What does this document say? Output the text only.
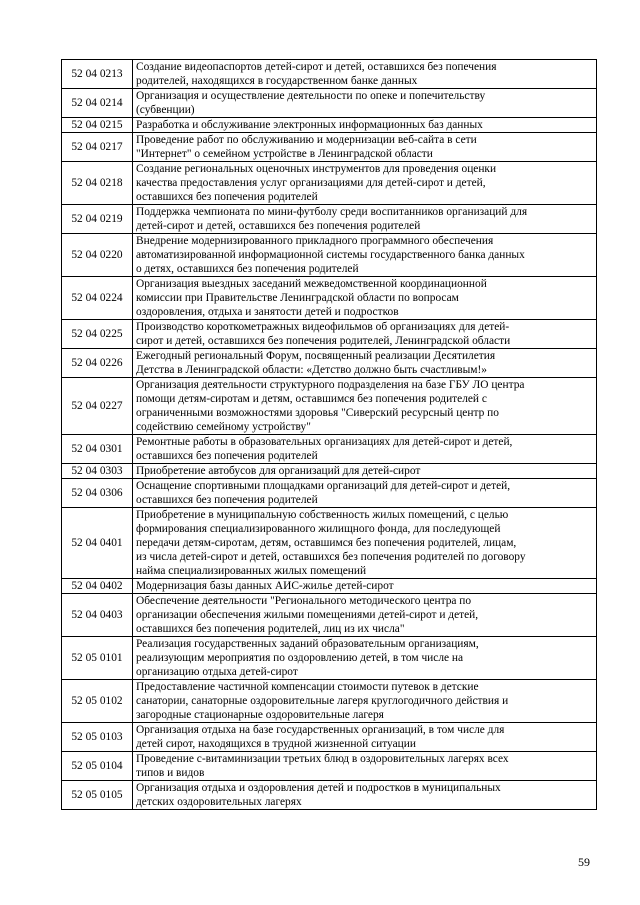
52 04 0213	Создание видеопаспортов детей-сирот и детей, оставшихся без попечения
родителей, находящихся в государственном банке данных

52 04 0214	Организация и осуществление деятельности по опеке и попечительству
(субвенции)

52 04 0215	Разработка и обслуживание электронных информационных баз данных

52 04 0217	Проведение работ по обслуживанию и модернизации веб-сайта в сети
"Интернет" о семейном устройстве в Ленинградской области

52 04 0218	Создание региональных оценочных инструментов для проведения оценки
качества предоставления услуг организациями для детей-сирот и детей,
оставшихся без попечения родителей

52 04 0219	Поддержка чемпионата по мини-футболу среди воспитанников организаций для
детей-сирот и детей, оставшихся без попечения родителей

52 04 0220	Внедрение модернизированного прикладного программного обеспечения
автоматизированной информационной системы государственного банка данных
о детях, оставшихся без попечения родителей

52 04 0224	Организация выездных заседаний межведомственной координационной
комиссии при Правительстве Ленинградской области по вопросам
оздоровления, отдыха и занятости детей и подростков

52 04 0225	Производство короткометражных видеофильмов об организациях для детей-
сирот и детей, оставшихся без попечения родителей, Ленинградской области

52 04 0226	Ежегодный региональный Форум, посвященный реализации Десятилетия
Детства в Ленинградской области: «Детство должно быть счастливым!»

52 04 0227	Организация деятельности структурного подразделения на базе ГБУ ЛО центра
помощи детям-сиротам и детям, оставшимся без попечения родителей с
ограниченными возможностями здоровья "Сиверский ресурсный центр по
содействию семейному устройству"

52 04 0301	Ремонтные работы в образовательных организациях для детей-сирот и детей,
оставшихся без попечения родителей

52 04 0303	Приобретение автобусов для организаций для детей-сирот

52 04 0306	Оснащение спортивными площадками организаций для детей-сирот и детей,
оставшихся без попечения родителей

52 04 0401	Приобретение в муниципальную собственность жилых помещений, с целью
формирования специализированного жилищного фонда, для последующей
передачи детям-сиротам, детям, оставшимся без попечения родителей, лицам,
из числа детей-сирот и детей, оставшихся без попечения родителей по договору
найма специализированных жилых помещений

52 04 0402	Модернизация базы данных АИС-жилье детей-сирот

52 04 0403	Обеспечение деятельности "Регионального методического центра по
организации обеспечения жилыми помещениями детей-сирот и детей,
оставшихся без попечения родителей, лиц из их числа"

52 05 0101	Реализация государственных заданий образовательным организациям,
реализующим мероприятия по оздоровлению детей, в том числе на
организацию отдыха детей-сирот

52 05 0102	Предоставление частичной компенсации стоимости путевок в детские
санатории, санаторные оздоровительные лагеря круглогодичного действия и
загородные стационарные оздоровительные лагеря

52 05 0103	Организация отдыха на базе государственных организаций, в том числе для
детей сирот, находящихся в трудной жизненной ситуации

52 05 0104	Проведение с-витаминизации третьих блюд в оздоровительных лагерях всех
типов и видов

52 05 0105	Организация отдыха и оздоровления детей и подростков в муниципальных
детских оздоровительных лагерях
59
